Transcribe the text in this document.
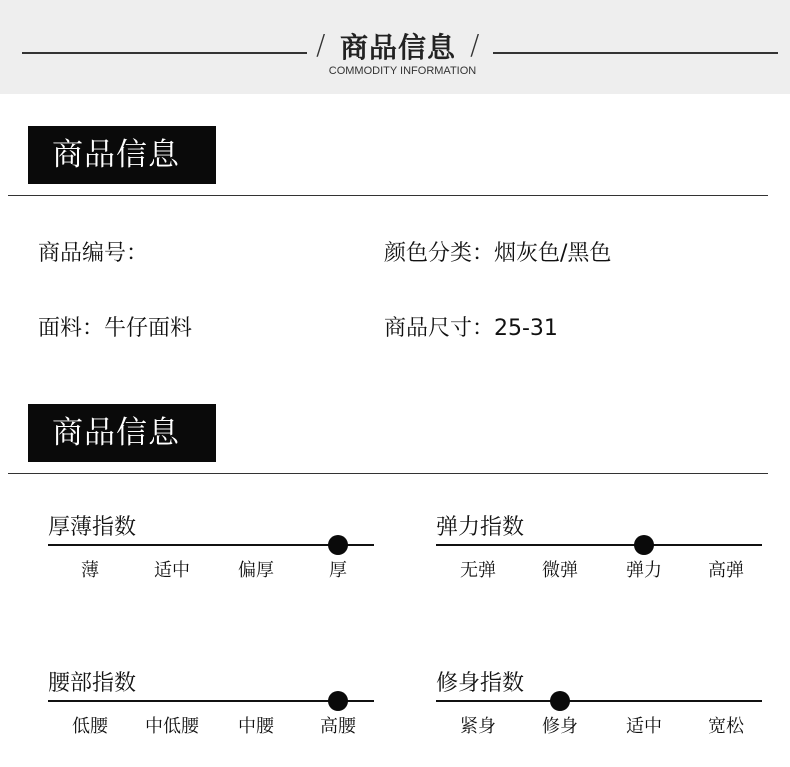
/ 商品信息 /
COMMODITY INFORMATION
商品信息
商品编号：	颜色分类：烟灰色/黑色
面料：牛仔面料	商品尺寸：25-31
商品信息
厚薄指数
薄	适中	偏厚	厚
弹力指数
无弹	微弹	弹力	高弹
腰部指数
低腰 中低腰 中腰	高腰
修身指数
紧身	修身	适中	宽松
